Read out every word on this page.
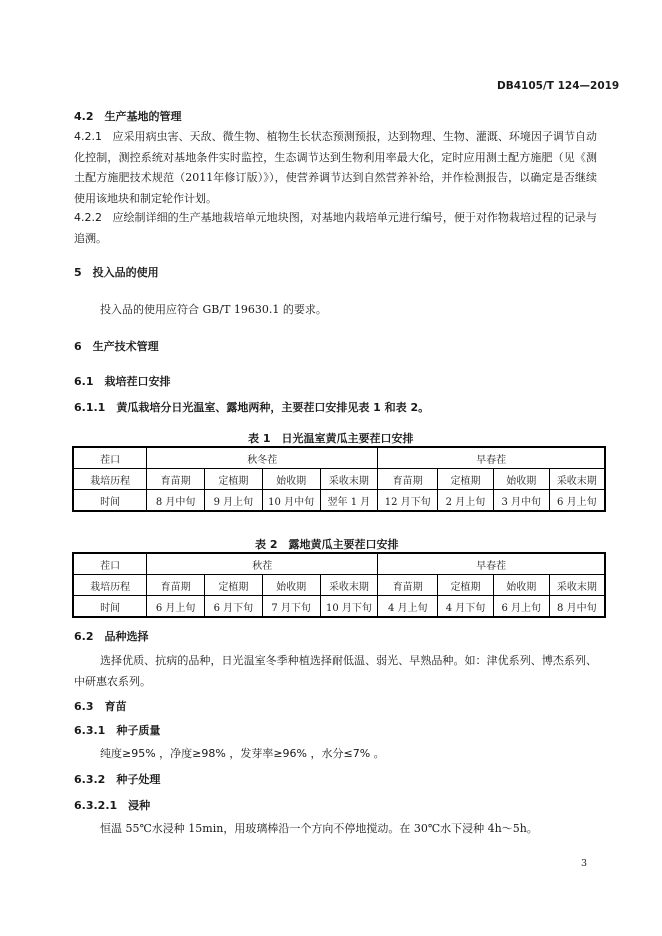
DB4105/T 124—2019
4.2　生产基地的管理
4.2.1 应采用病虫害、天敌、微生物、植物生长状态预测预报，达到物理、生物、灌溉、环境因子调节自动化控制，测控系统对基地条件实时监控，生态调节达到生物利用率最大化，定时应用测土配方施肥（见《测土配方施肥技术规范（2011年修订版）》），使营养调节达到自然营养补给，并作检测报告，以确定是否继续使用该地块和制定轮作计划。
4.2.2 应绘制详细的生产基地栽培单元地块图，对基地内栽培单元进行编号，便于对作物栽培过程的记录与追溯。
5　投入品的使用
投入品的使用应符合 GB/T 19630.1 的要求。
6　生产技术管理
6.1　栽培茬口安排
6.1.1　黄瓜栽培分日光温室、露地两种，主要茬口安排见表 1 和表 2。
表 1　日光温室黄瓜主要茬口安排
茬口	秋冬茬				早春茬			
栽培历程	育苗期	定植期	始收期	采收末期	育苗期	定植期	始收期	采收末期
时间	8 月中旬	9 月上旬	10 月中旬	翌年 1 月	12 月下旬	2 月上旬	3 月中旬	6 月上旬
表 2　露地黄瓜主要茬口安排
茬口	秋茬				早春茬			
栽培历程	育苗期	定植期	始收期	采收末期	育苗期	定植期	始收期	采收末期
时间	6 月上旬	6 月下旬	7 月下旬	10 月下旬	4 月上旬	4 月下旬	6 月上旬	8 月中旬
6.2　品种选择
选择优质、抗病的品种，日光温室冬季种植选择耐低温、弱光、早熟品种。如：津优系列、博杰系列、中研惠农系列。
6.3　育苗
6.3.1　种子质量
纯度≥95% ，净度≥98% ，发芽率≥96% ，水分≤7% 。
6.3.2　种子处理
6.3.2.1　浸种
恒温 55℃水浸种 15min，用玻璃棒沿一个方向不停地搅动。在 30℃水下浸种 4h～5h。
3
